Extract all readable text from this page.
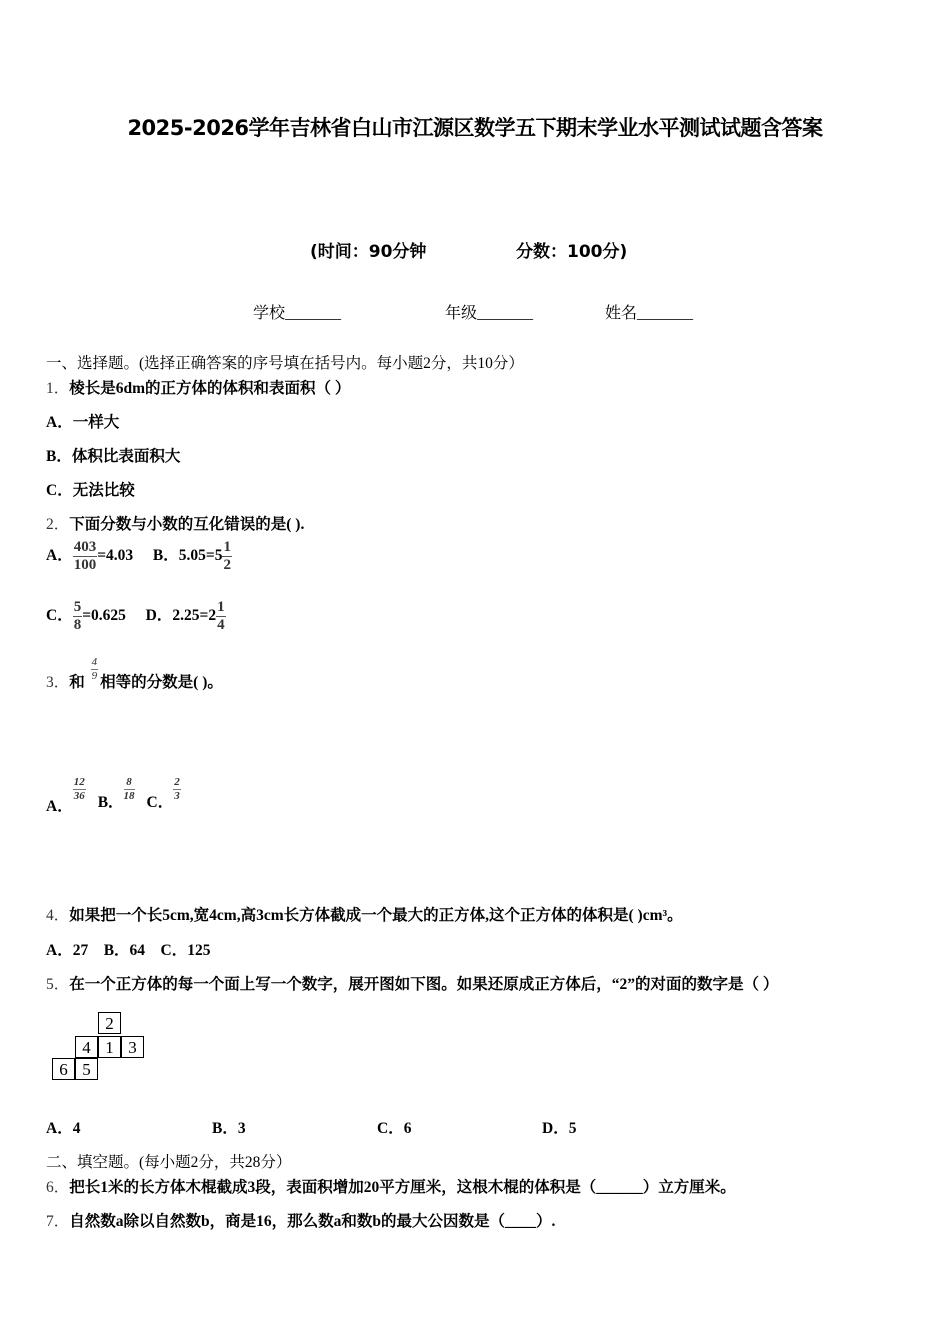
2025-2026学年吉林省白山市江源区数学五下期末学业水平测试试题含答案
(时间：90分钟	分数：100分)
学校_______	年级_______	姓名_______
一、选择题。(选择正确答案的序号填在括号内。每小题2分，共10分）
1．棱长是6dm的正方体的体积和表面积（ ）
A．一样大
B．体积比表面积大
C．无法比较
2．下面分数与小数的互化错误的是( ).
A． $\frac{403}{100} =4.03$ B．$5.05=5 \frac{1}{2}$
C． $\frac{5}{8} =0.625$ D．$2.25=2 \frac{1}{4}$
3．和
$\frac{4}{9}$
相等的分数是( )。
A．
$\frac{12}{36}$
B．
$\frac{8}{18}$
C．
$\frac{2}{3}$
4．如果把一个长5cm,宽4cm,高3cm长方体截成一个最大的正方体,这个正方体的体积是( )cm³。
A．27    B．64    C．125
5．在一个正方体的每一个面上写一个数字，展开图如下图。如果还原成正方体后，“2”的对面的数字是（ ）
2
4 1 3
6 5
A．4	B．3	C．6	D．5
二、填空题。(每小题2分，共28分）
6．把长1米的长方体木棍截成3段，表面积增加20平方厘米，这根木棍的体积是（______）立方厘米。
7．自然数a除以自然数b，商是16，那么数a和数b的最大公因数是（____）.
